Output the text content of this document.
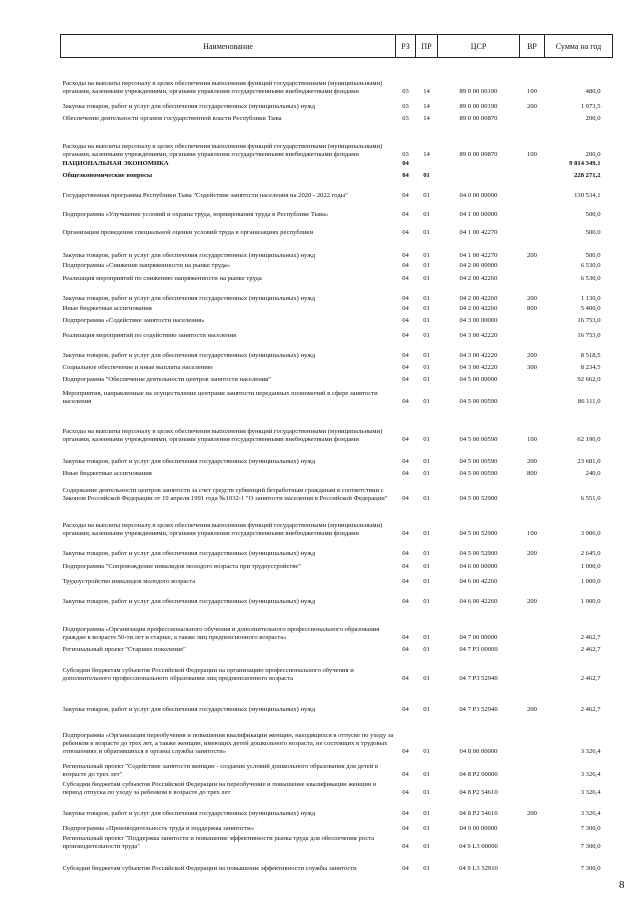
Наименование	РЗ	ПР	ЦСР	ВР	Сумма на год
Расходы на выплаты персоналу в целях обеспечения выполнения функций государственными (муниципальными) органами, казенными учреждениями, органами управления государственными внебюджетными фондами	03	14	89 0 00 00190	100	480,0
Закупка товаров, работ и услуг для обеспечения государственных (муниципальных) нужд	03	14	89 0 00 00190	200	1 073,5
Обеспечение деятельности органов государственной власти Республики Тыва	03	14	89 0 00 00870		200,0
Расходы на выплаты персоналу в целях обеспечения выполнения функций государственными (муниципальными) органами, казенными учреждениями, органами управления государственными внебюджетными фондами	03	14	89 0 00 00870	100	200,0
НАЦИОНАЛЬНАЯ ЭКОНОМИКА	04				9 814 349,1
Общеэкономические вопросы	04	01			228 271,2
Государственная программа Республики Тыва "Содействие занятости населения на 2020 - 2022 годы"	04	01	04 0 00 00000		130 534,1
Подпрограмма «Улучшение условий и охраны труда, нормирования труда в Республике Тыва»	04	01	04 1 00 00000		500,0
Организация проведения специальной оценки условий труда в организациях республики	04	01	04 1 00 42270		500,0
Закупка товаров, работ и услуг для обеспечения государственных (муниципальных) нужд	04	01	04 1 00 42270	200	500,0
Подпрограмма «Снижение напряженности на рынке труда»	04	01	04 2 00 00000		6 530,0
Реализация мероприятий по снижению напряженности на рынке труда	04	01	04 2 00 42260		6 530,0
Закупка товаров, работ и услуг для обеспечения государственных (муниципальных) нужд	04	01	04 2 00 42260	200	1 130,0
Иные бюджетные ассигнования	04	01	04 2 00 42260	800	5 400,0
Подпрограмма «Содействие занятости населения»	04	01	04 3 00 00000		16 753,0
Реализация мероприятий по содействию занятости населения	04	01	04 3 00 42220		16 753,0
Закупка товаров, работ и услуг для обеспечения государственных (муниципальных) нужд	04	01	04 3 00 42220	200	8 518,5
Социальное обеспечение и иные выплаты населению	04	01	04 3 00 42220	300	8 234,5
Подпрограмма "Обеспечение деятельности центров занятости населения"	04	01	04 5 00 00000		92 662,0
Мероприятия, направленные на осуществление центрами занятости переданных полномочий в сфере занятости населения	04	01	04 5 00 00590		86 111,0
Расходы на выплаты персоналу в целях обеспечения выполнения функций государственными (муниципальными) органами, казенными учреждениями, органами управления государственными внебюджетными фондами	04	01	04 5 00 00590	100	62 190,0
Закупка товаров, работ и услуг для обеспечения государственных (муниципальных) нужд	04	01	04 5 00 00590	200	23 681,0
Иные бюджетные ассигнования	04	01	04 5 00 00590	800	240,0
Содержание деятельности центров занятости за счет средств субвенций безработным гражданам в соответствии с Законом Российской Федерации от 19 апреля 1991 года №1032-1 "О занятости населения в Российской Федерации"	04	01	04 5 00 52900		6 551,0
Расходы на выплаты персоналу в целях обеспечения выполнения функций государственными (муниципальными) органами, казенными учреждениями, органами управления государственными внебюджетными фондами	04	01	04 5 00 52900	100	3 906,0
Закупка товаров, работ и услуг для обеспечения государственных (муниципальных) нужд	04	01	04 5 00 52900	200	2 645,0
Подпрограмма "Сопровождение инвалидов молодого возраста при трудоустройстве"	04	01	04 6 00 00000		1 000,0
Трудоустройство инвалидов молодого возраста	04	01	04 6 00 42260		1 000,0
Закупка товаров, работ и услуг для обеспечения государственных (муниципальных) нужд	04	01	04 6 00 42260	200	1 000,0
Подпрограмма «Организация профессионального обучения и дополнительного профессионального образования граждан в возрасте 50-ти лет и старше, а также лиц предпенсионного возраста»	04	01	04 7 00 00000		2 462,7
Региональный проект "Старшее поколение"	04	01	04 7 P3 00000		2 462,7
Субсидии бюджетам субъектов Российской Федерации на организацию профессионального обучения и дополнительного профессионального образования лиц предпенсионного возраста	04	01	04 7 P3 52940		2 462,7
Закупка товаров, работ и услуг для обеспечения государственных (муниципальных) нужд	04	01	04 7 P3 52940	200	2 462,7
Подпрограмма «Организация переобучения и повышения квалификации женщин, находящихся в отпуске по уходу за ребенком в возрасте до трех лет, а также женщин, имеющих детей дошкольного возраста, не состоящих в трудовых отношениях и обратившихся в органы службы занятости»	04	01	04 8 00 00000		3 326,4
Региональный проект "Содействие занятости женщин - создание условий дошкольного образования для детей в возрасте до трех лет"	04	01	04 8 P2 00000		3 326,4
Субсидии бюджетам субъектов Российской Федерации на переобучение и повышение квалификации женщин в период отпуска по уходу за ребенком в возрасте до трех лет	04	01	04 8 P2 54610		3 326,4
Закупка товаров, работ и услуг для обеспечения государственных (муниципальных) нужд	04	01	04 8 P2 54610	200	3 326,4
Подпрограмма «Производительность труда и поддержка занятости»	04	01	04 9 00 00000		7 300,0
Региональный проект "Поддержка занятости и повышение эффективности рынка труда для обеспечения роста производительности труда"	04	01	04 9 L3 00000		7 300,0
Субсидии бюджетам субъектов Российской Федерации на повышение эффективности службы занятости	04	01	04 9 L3 52910		7 300,0
8
